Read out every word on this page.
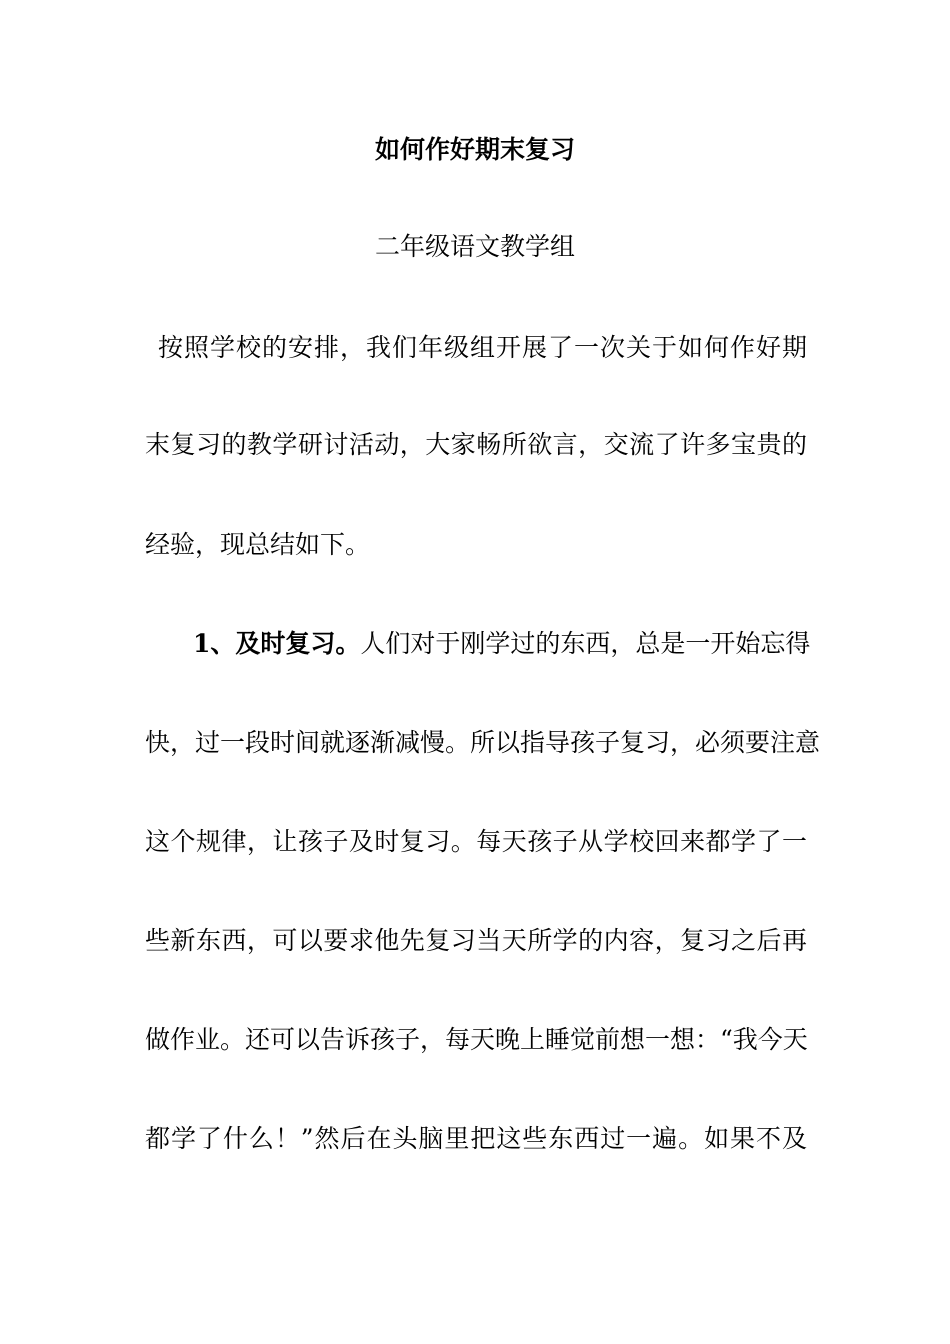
如何作好期末复习
二年级语文教学组
按照学校的安排，我们年级组开展了一次关于如何作好期
末复习的教学研讨活动，大家畅所欲言，交流了许多宝贵的
经验，现总结如下。
1、及时复习。人们对于刚学过的东西，总是一开始忘得
快，过一段时间就逐渐减慢。所以指导孩子复习，必须要注意
这个规律，让孩子及时复习。每天孩子从学校回来都学了一
些新东西，可以要求他先复习当天所学的内容，复习之后再
做作业。还可以告诉孩子，每天晚上睡觉前想一想：“我今天
都学了什么！”然后在头脑里把这些东西过一遍。如果不及
